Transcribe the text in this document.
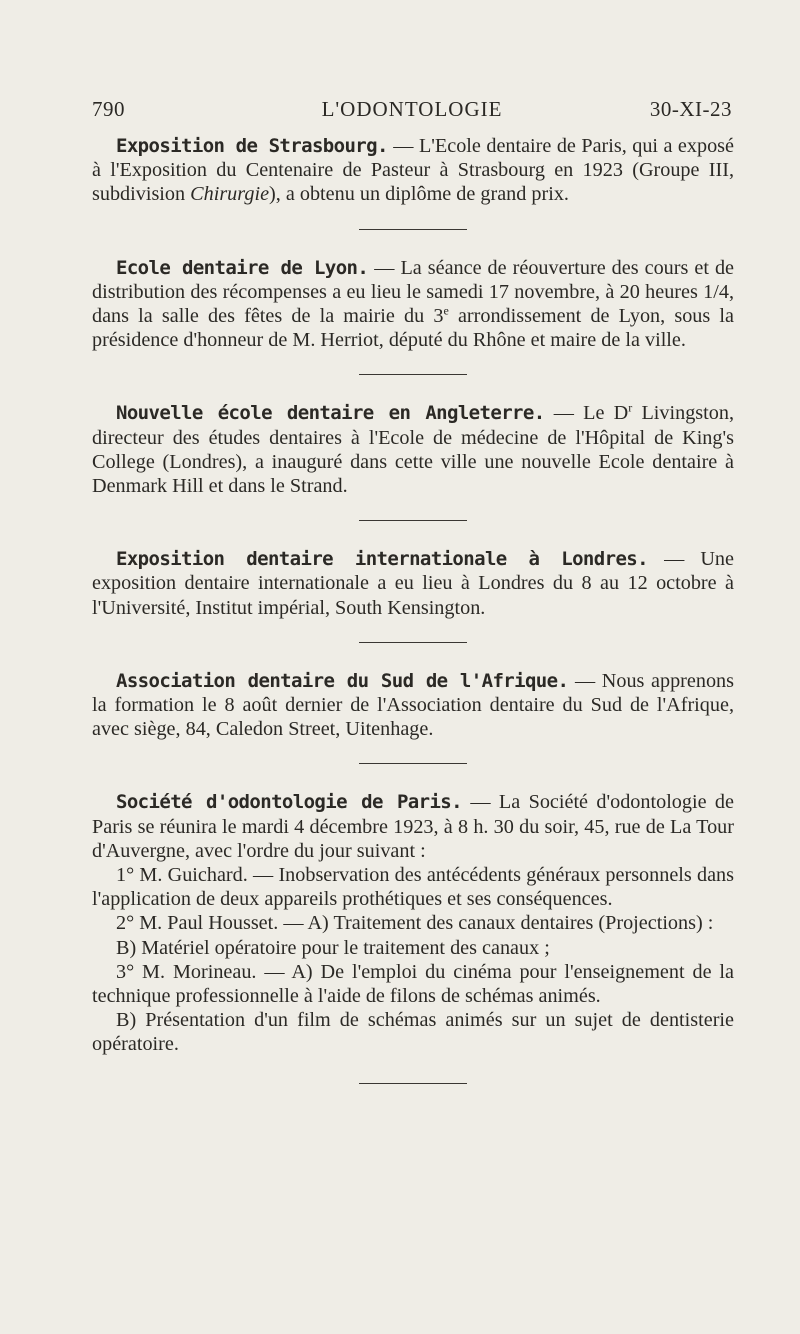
790	L'ODONTOLOGIE	30-XI-23

Exposition de Strasbourg. — L'Ecole dentaire de Paris, qui a exposé à l'Exposition du Centenaire de Pasteur à Strasbourg en 1923 (Groupe III, subdivision Chirurgie), a obtenu un diplôme de grand prix.

Ecole dentaire de Lyon. — La séance de réouverture des cours et de distribution des récompenses a eu lieu le samedi 17 novembre, à 20 heures 1/4, dans la salle des fêtes de la mairie du 3e arrondissement de Lyon, sous la présidence d'honneur de M. Herriot, député du Rhône et maire de la ville.

Nouvelle école dentaire en Angleterre. — Le $D^r$ Livingston, directeur des études dentaires à l'Ecole de médecine de l'Hôpital de King's College (Londres), a inauguré dans cette ville une nouvelle Ecole dentaire à Denmark Hill et dans le Strand.

Exposition dentaire internationale à Londres. — Une exposition dentaire internationale a eu lieu à Londres du 8 au 12 octobre à l'Université, Institut impérial, South Kensington.

Association dentaire du Sud de l'Afrique. — Nous apprenons la formation le 8 août dernier de l'Association dentaire du Sud de l'Afrique, avec siège, 84, Caledon Street, Uitenhage.

Société d'odontologie de Paris. — La Société d'odontologie de Paris se réunira le mardi 4 décembre 1923, à 8 h. 30 du soir, 45, rue de La Tour d'Auvergne, avec l'ordre du jour suivant :

1° M. Guichard. — Inobservation des antécédents généraux personnels dans l'application de deux appareils prothétiques et ses conséquences.

2° M. Paul Housset. — A) Traitement des canaux dentaires (Projections) :

B) Matériel opératoire pour le traitement des canaux ;

3° M. Morineau. — A) De l'emploi du cinéma pour l'enseignement de la technique professionnelle à l'aide de filons de schémas animés.

B) Présentation d'un film de schémas animés sur un sujet de dentisterie opératoire.
